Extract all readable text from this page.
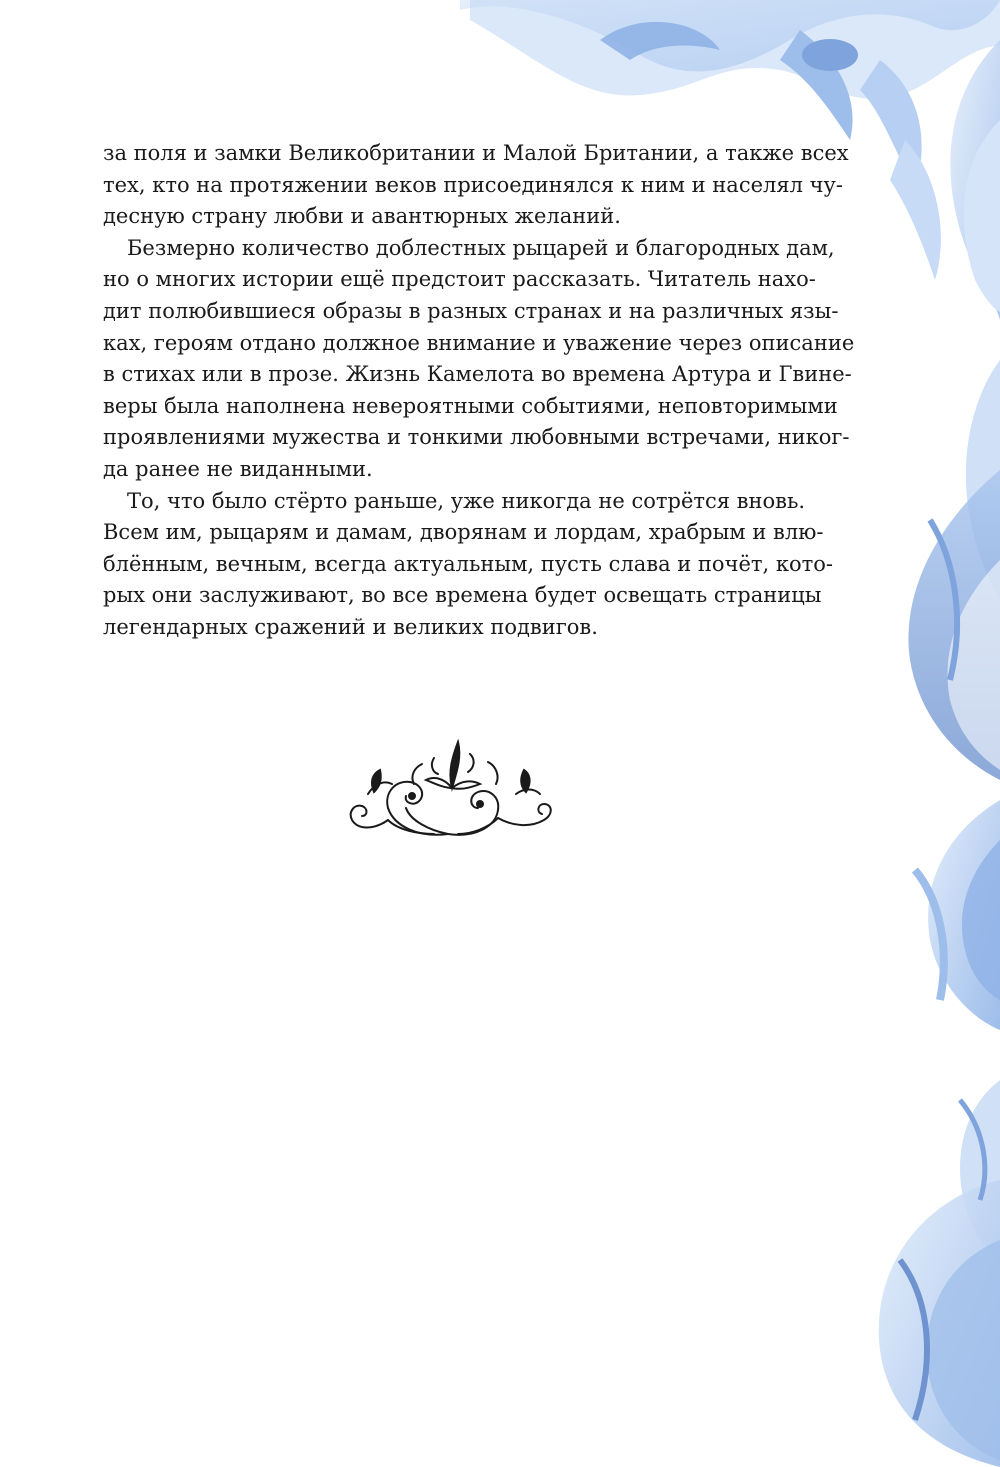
за поля и замки Великобритании и Малой Британии, а также всех
тех, кто на протяжении веков присоединялся к ним и населял чу-
десную страну любви и авантюрных желаний.

Безмерно количество доблестных рыцарей и благородных дам,
но о многих истории ещё предстоит рассказать. Читатель нахо-
дит полюбившиеся образы в разных странах и на различных язы-
ках, героям отдано должное внимание и уважение через описание
в стихах или в прозе. Жизнь Камелота во времена Артура и Гвине-
веры была наполнена невероятными событиями, неповторимыми
проявлениями мужества и тонкими любовными встречами, никог-
да ранее не виданными.

То, что было стёрто раньше, уже никогда не сотрётся вновь.
Всем им, рыцарям и дамам, дворянам и лордам, храбрым и влю-
блённым, вечным, всегда актуальным, пусть слава и почёт, кото-
рых они заслуживают, во все времена будет освещать страницы
легендарных сражений и великих подвигов.
